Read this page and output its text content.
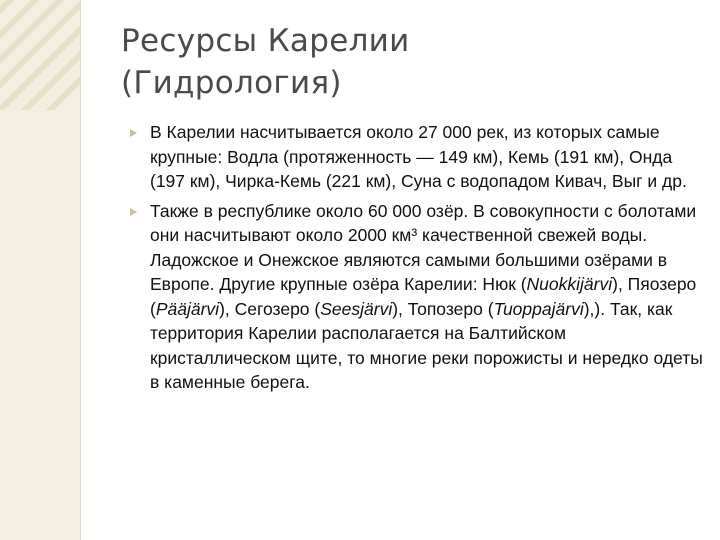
Ресурсы Карелии
(Гидрология)

В Карелии насчитывается около 27 000 рек, из которых самые крупные: Водла (протяженность — 149 км), Кемь (191 км), Онда (197 км), Чирка-Кемь (221 км), Суна с водопадом Кивач, Выг и др.

Также в республике около 60 000 озёр. В совокупности с болотами они насчитывают около 2000 км³ качественной свежей воды. Ладожское и Онежское являются самыми большими озёрами в Европе. Другие крупные озёра Карелии: Нюк (Nuokkijärvi), Пяозеро (Pääjärvi), Сегозеро (Seesjärvi), Топозеро (Tuoppajärvi),). Так, как территория Карелии располагается на Балтийском кристаллическом щите, то многие реки порожисты и нередко одеты в каменные берега.
